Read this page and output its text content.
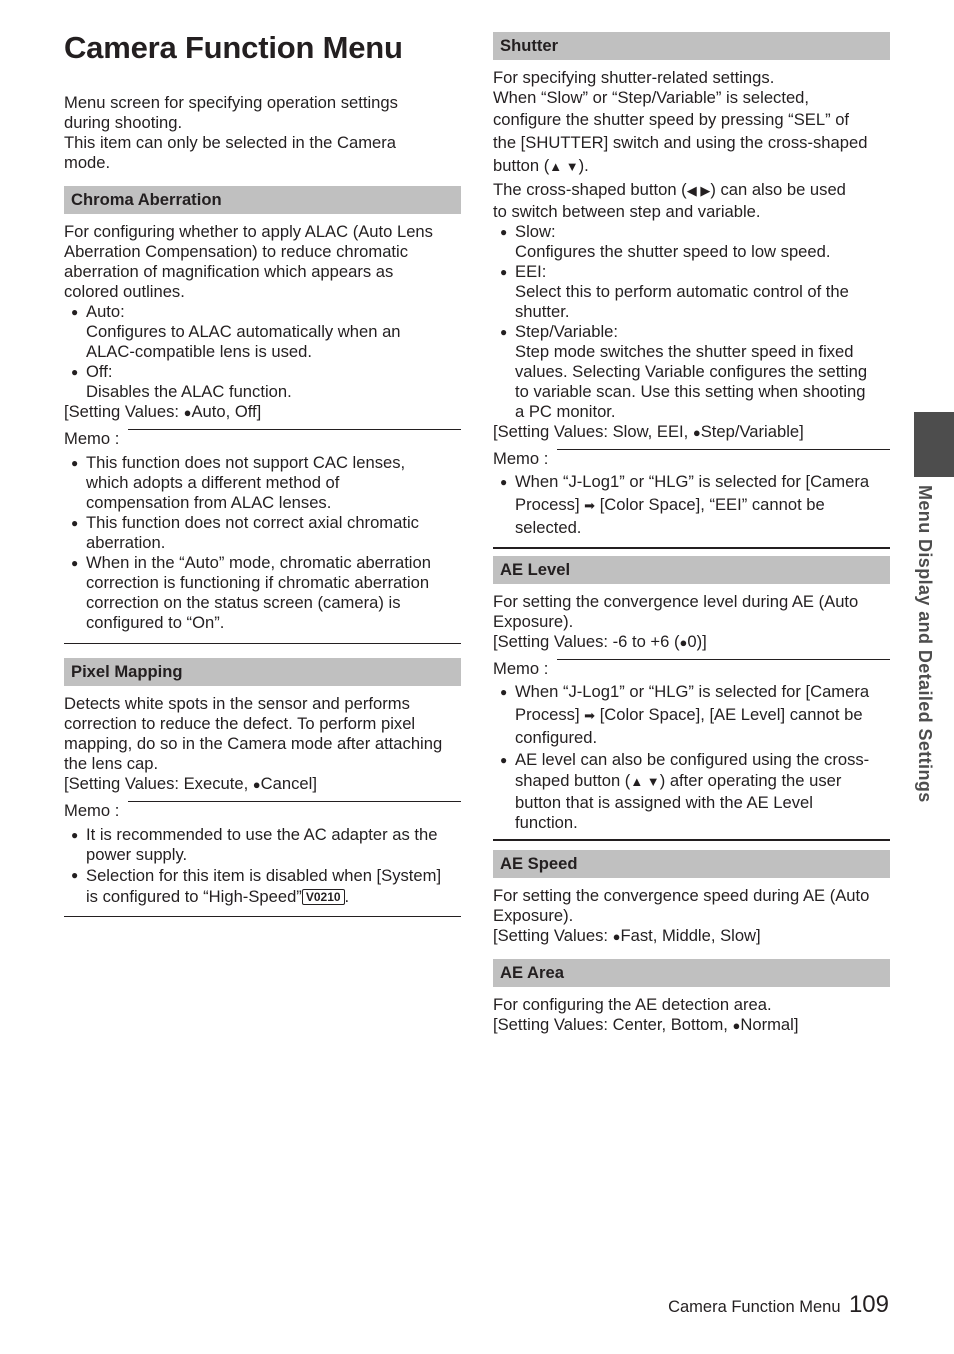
Camera Function Menu

Menu screen for specifying operation settings

during shooting.

This item can only be selected in the Camera

mode.

Chroma Aberration

For configuring whether to apply ALAC (Auto Lens

Aberration Compensation) to reduce chromatic

aberration of magnification which appears as

colored outlines.

● Auto:
Configures to ALAC automatically when an
ALAC-compatible lens is used.
● Off:
Disables the ALAC function.

[Setting Values: ●Auto, Off]

Memo :
● This function does not support CAC lenses,
which adopts a different method of
compensation from ALAC lenses.
● This function does not correct axial chromatic
aberration.
● When in the “Auto” mode, chromatic aberration
correction is functioning if chromatic aberration
correction on the status screen (camera) is
configured to “On”.
Pixel Mapping

Detects white spots in the sensor and performs

correction to reduce the defect. To perform pixel

mapping, do so in the Camera mode after attaching

the lens cap.

[Setting Values: Execute, ●Cancel]

Memo :
● It is recommended to use the AC adapter as the
power supply.
● Selection for this item is disabled when [System]
is configured to “High-Speed” V0210 .
Shutter

For specifying shutter-related settings.

When “Slow” or “Step/Variable” is selected,

configure the shutter speed by pressing “SEL” of

the [SHUTTER] switch and using the cross-shaped

button (▲ ▼).

The cross-shaped button (◀ ▶) can also be used

to switch between step and variable.

● Slow:
Configures the shutter speed to low speed.
● EEI:
Select this to perform automatic control of the
shutter.
● Step/Variable:
Step mode switches the shutter speed in fixed
values. Selecting Variable configures the setting
to variable scan. Use this setting when shooting
a PC monitor.

[Setting Values: Slow, EEI, ●Step/Variable]

Memo :
● When “J-Log1” or “HLG” is selected for [Camera
Process] ➡ [Color Space], “EEI” cannot be
selected.
AE Level

For setting the convergence level during AE (Auto

Exposure).

[Setting Values: -6 to +6 (●0)]

Memo :
● When “J-Log1” or “HLG” is selected for [Camera
Process] ➡ [Color Space], [AE Level] cannot be
configured.
● AE level can also be configured using the cross-
shaped button (▲ ▼) after operating the user
button that is assigned with the AE Level
function.
AE Speed

For setting the convergence speed during AE (Auto

Exposure).

[Setting Values: ●Fast, Middle, Slow]

AE Area

For configuring the AE detection area.

[Setting Values: Center, Bottom, ●Normal]

Menu Display and Detailed Settings
Camera Function Menu 109
